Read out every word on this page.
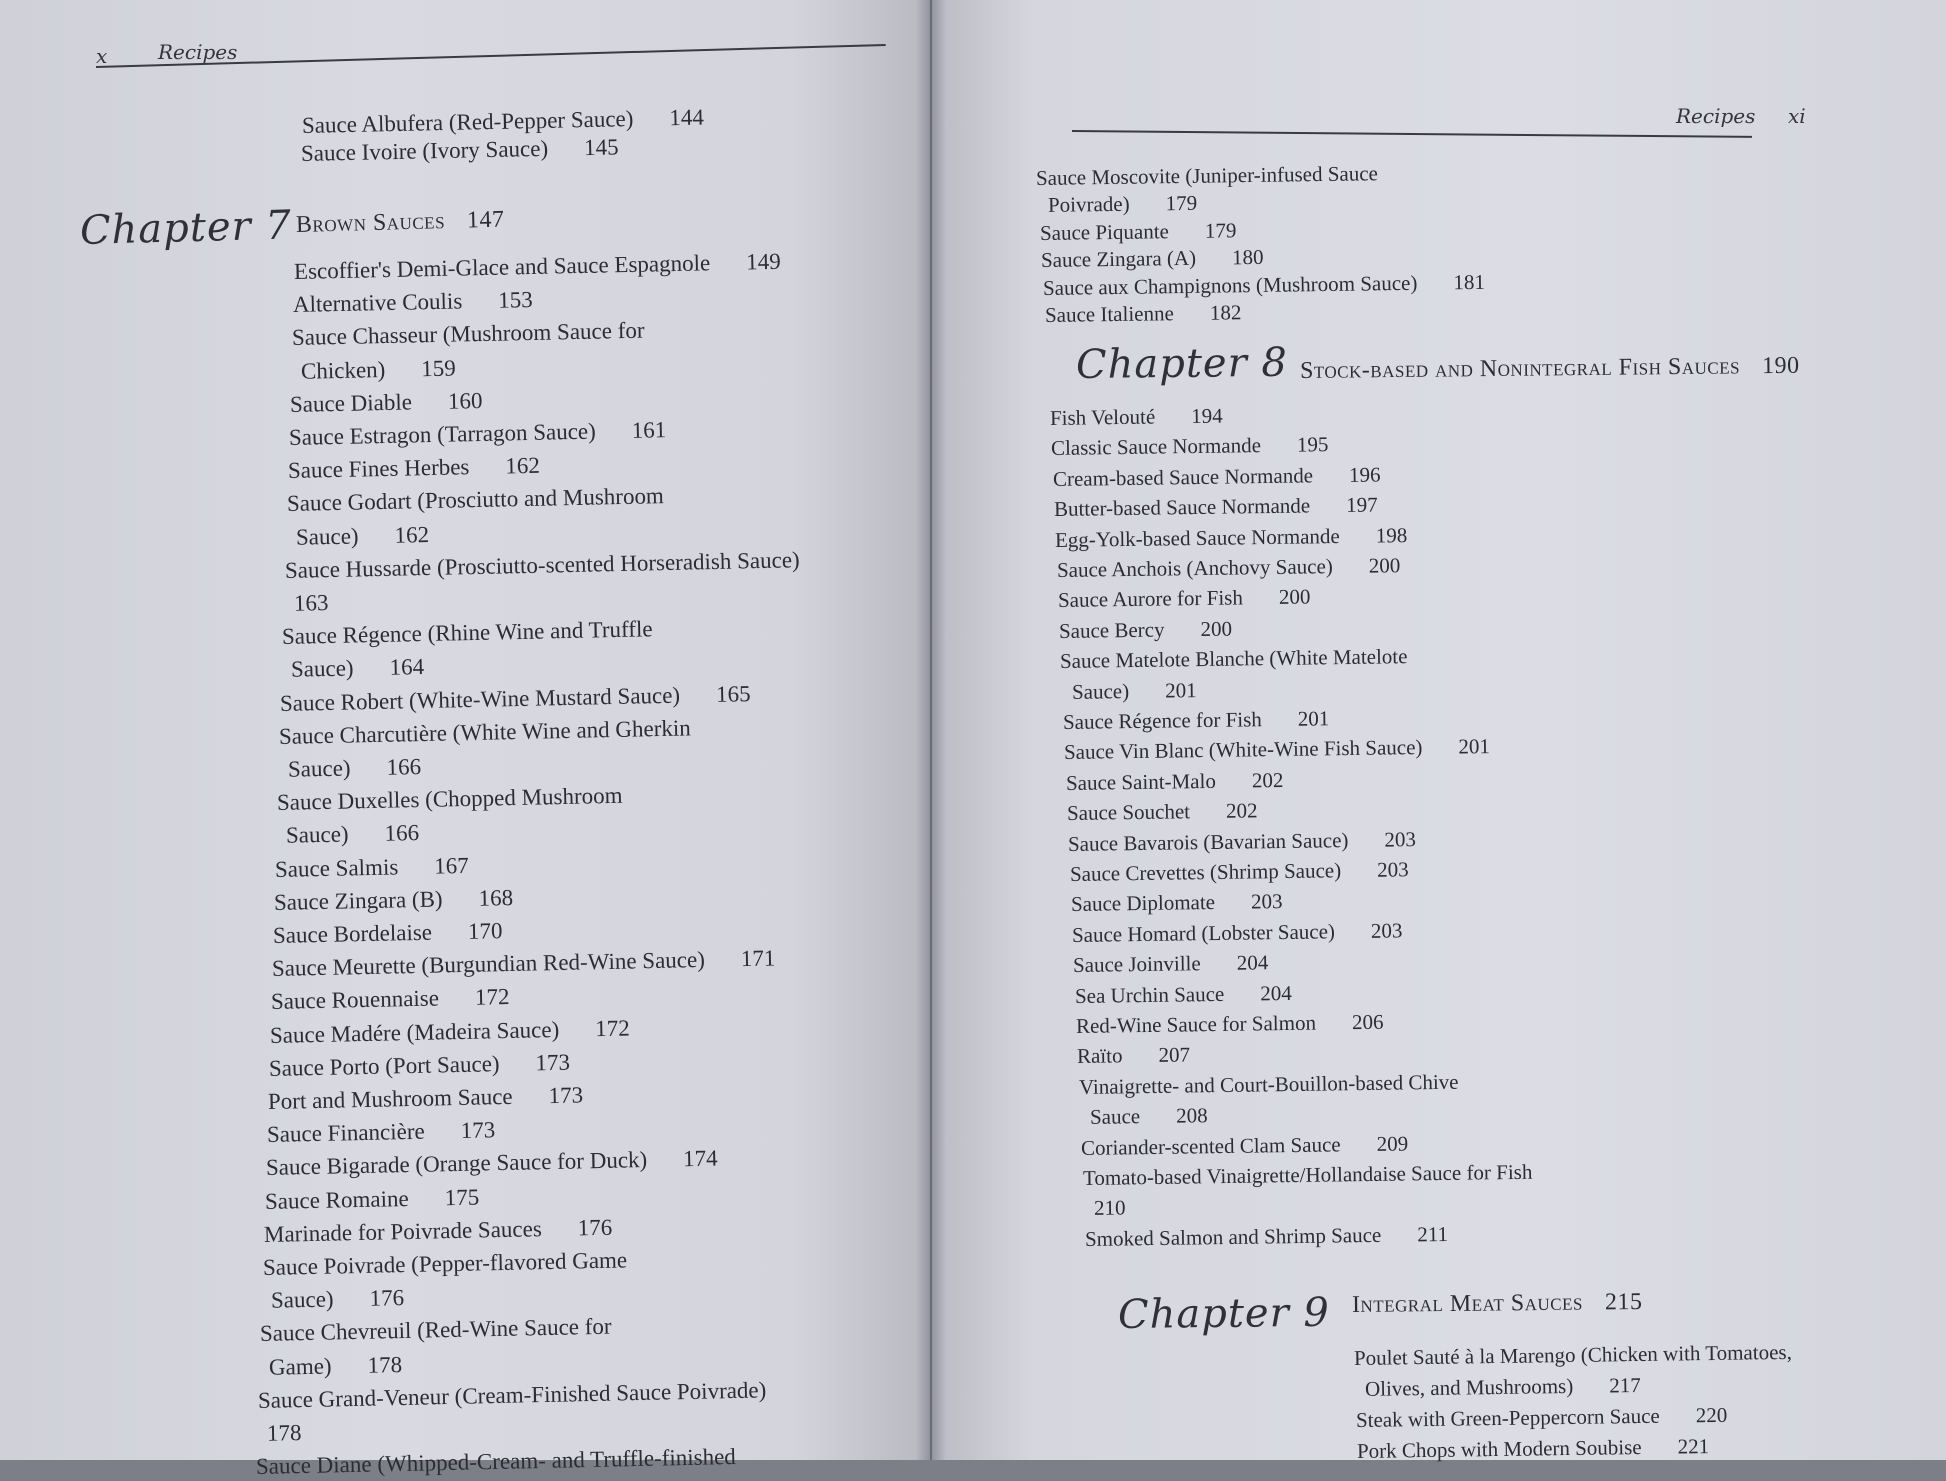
x	Recipes
Sauce Albufera (Red-Pepper Sauce) 144
Sauce Ivoire (Ivory Sauce) 145
Chapter 7 Brown Sauces 147
Escoffier's Demi-Glace and Sauce Espagnole 149
Alternative Coulis 153
Sauce Chasseur (Mushroom Sauce for
Chicken) 159
Sauce Diable 160
Sauce Estragon (Tarragon Sauce) 161
Sauce Fines Herbes 162
Sauce Godart (Prosciutto and Mushroom
Sauce) 162
Sauce Hussarde (Prosciutto-scented Horseradish Sauce)
163
Sauce Régence (Rhine Wine and Truffle
Sauce) 164
Sauce Robert (White-Wine Mustard Sauce) 165
Sauce Charcutière (White Wine and Gherkin
Sauce) 166
Sauce Duxelles (Chopped Mushroom
Sauce) 166
Sauce Salmis 167
Sauce Zingara (B) 168
Sauce Bordelaise 170
Sauce Meurette (Burgundian Red-Wine Sauce) 171
Sauce Rouennaise 172
Sauce Madére (Madeira Sauce) 172
Sauce Porto (Port Sauce) 173
Port and Mushroom Sauce 173
Sauce Financière 173
Sauce Bigarade (Orange Sauce for Duck) 174
Sauce Romaine 175
Marinade for Poivrade Sauces 176
Sauce Poivrade (Pepper-flavored Game
Sauce) 176
Sauce Chevreuil (Red-Wine Sauce for
Game) 178
Sauce Grand-Veneur (Cream-Finished Sauce Poivrade)
178
Sauce Diane (Whipped-Cream- and Truffle-finished
Recipes xi
Sauce Moscovite (Juniper-infused Sauce
Poivrade) 179
Sauce Piquante 179
Sauce Zingara (A) 180
Sauce aux Champignons (Mushroom Sauce) 181
Sauce Italienne 182
Chapter 8 Stock-based and Nonintegral Fish Sauces 190
Fish Velouté 194
Classic Sauce Normande 195
Cream-based Sauce Normande 196
Butter-based Sauce Normande 197
Egg-Yolk-based Sauce Normande 198
Sauce Anchois (Anchovy Sauce) 200
Sauce Aurore for Fish 200
Sauce Bercy 200
Sauce Matelote Blanche (White Matelote
Sauce) 201
Sauce Régence for Fish 201
Sauce Vin Blanc (White-Wine Fish Sauce) 201
Sauce Saint-Malo 202
Sauce Souchet 202
Sauce Bavarois (Bavarian Sauce) 203
Sauce Crevettes (Shrimp Sauce) 203
Sauce Diplomate 203
Sauce Homard (Lobster Sauce) 203
Sauce Joinville 204
Sea Urchin Sauce 204
Red-Wine Sauce for Salmon 206
Raïto 207
Vinaigrette- and Court-Bouillon-based Chive
Sauce 208
Coriander-scented Clam Sauce 209
Tomato-based Vinaigrette/Hollandaise Sauce for Fish
210
Smoked Salmon and Shrimp Sauce 211
Chapter 9 Integral Meat Sauces 215
Poulet Sauté à la Marengo (Chicken with Tomatoes,
Olives, and Mushrooms) 217
Steak with Green-Peppercorn Sauce 220
Pork Chops with Modern Soubise 221
